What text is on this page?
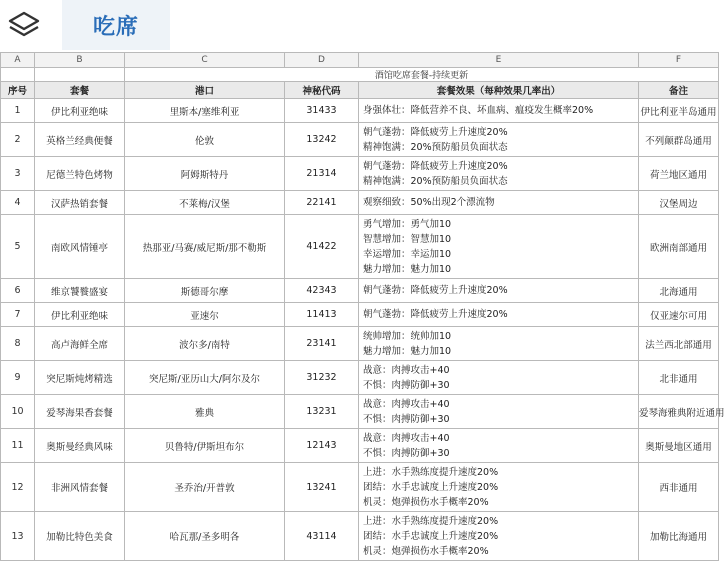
吃席
A	B	C	D	E	F
		酒馆吃席套餐-持续更新			
序号	套餐	港口	神秘代码	套餐效果（每种效果几率出）	备注
1	伊比利亚绝味	里斯本/塞维利亚	31433	身强体壮：降低营养不良、坏血病、瘟疫发生概率20%	伊比利亚半岛通用
2	英格兰经典便餐	伦敦	13242	朝气蓬勃：降低疲劳上升速度20%
精神饱满：20%预防船员负面状态	不列颠群岛通用
3	尼德兰特色烤物	阿姆斯特丹	21314	朝气蓬勃：降低疲劳上升速度20%
精神饱满：20%预防船员负面状态	荷兰地区通用
4	汉萨热销套餐	不莱梅/汉堡	22141	观察细致：50%出现2个漂流物	汉堡周边
5	南欧风情锤亭	热那亚/马赛/威尼斯/那不勒斯	41422	勇气增加：勇气加10
智慧增加：智慧加10
幸运增加：幸运加10
魅力增加：魅力加10	欧洲南部通用
6	维京饕餮盛宴	斯德哥尔摩	42343	朝气蓬勃：降低疲劳上升速度20%	北海通用
7	伊比利亚绝味	亚速尔	11413	朝气蓬勃：降低疲劳上升速度20%	仅亚速尔可用
8	高卢海鲜全席	波尔多/南特	23141	统帅增加：统帅加10
魅力增加：魅力加10	法兰西北部通用
9	突尼斯炖烤精选	突尼斯/亚历山大/阿尔及尔	31232	战意：肉搏攻击+40
不惧：肉搏防御+30	北非通用
10	爱琴海果香套餐	雅典	13231	战意：肉搏攻击+40
不惧：肉搏防御+30	爱琴海雅典附近通用
11	奥斯曼经典风味	贝鲁特/伊斯坦布尔	12143	战意：肉搏攻击+40
不惧：肉搏防御+30	奥斯曼地区通用
12	非洲风情套餐	圣乔治/开普敦	13241	上进：水手熟练度提升速度20%
团结：水手忠诚度上升速度20%
机灵：炮弹损伤水手概率20%	西非通用
13	加勒比特色美食	哈瓦那/圣多明各	43114	上进：水手熟练度提升速度20%
团结：水手忠诚度上升速度20%
机灵：炮弹损伤水手概率20%	加勒比海通用
